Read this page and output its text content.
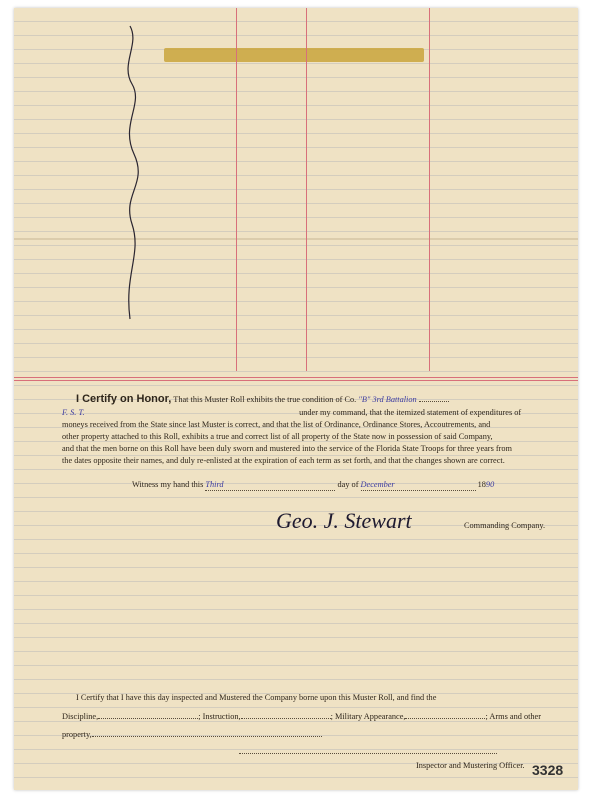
I Certify on Honor, That this Muster Roll exhibits the true condition of Co. "B" 3rd Battalion
F. S. T.	under my command, that the itemized statement of expenditures of
moneys received from the State since last Muster is correct, and that the list of Ordinance, Ordinance Stores, Accoutrements, and
other property attached to this Roll, exhibits a true and correct list of all property of the State now in possession of said Company,
and that the men borne on this Roll have been duly sworn and mustered into the service of the Florida State Troops for three years from
the dates opposite their names, and duly re-enlisted at the expiration of each term as set forth, and that the changes shown are correct.
Witness my hand this Third	day of December	1890
Geo. J. Stewart	Commanding Company.
I Certify that I have this day inspected and Mustered the Company borne upon this Muster Roll, and find the
Discipline,	; Instruction,	; Military Appearance,	; Arms and other
property,
Inspector and Mustering Officer. 3328
